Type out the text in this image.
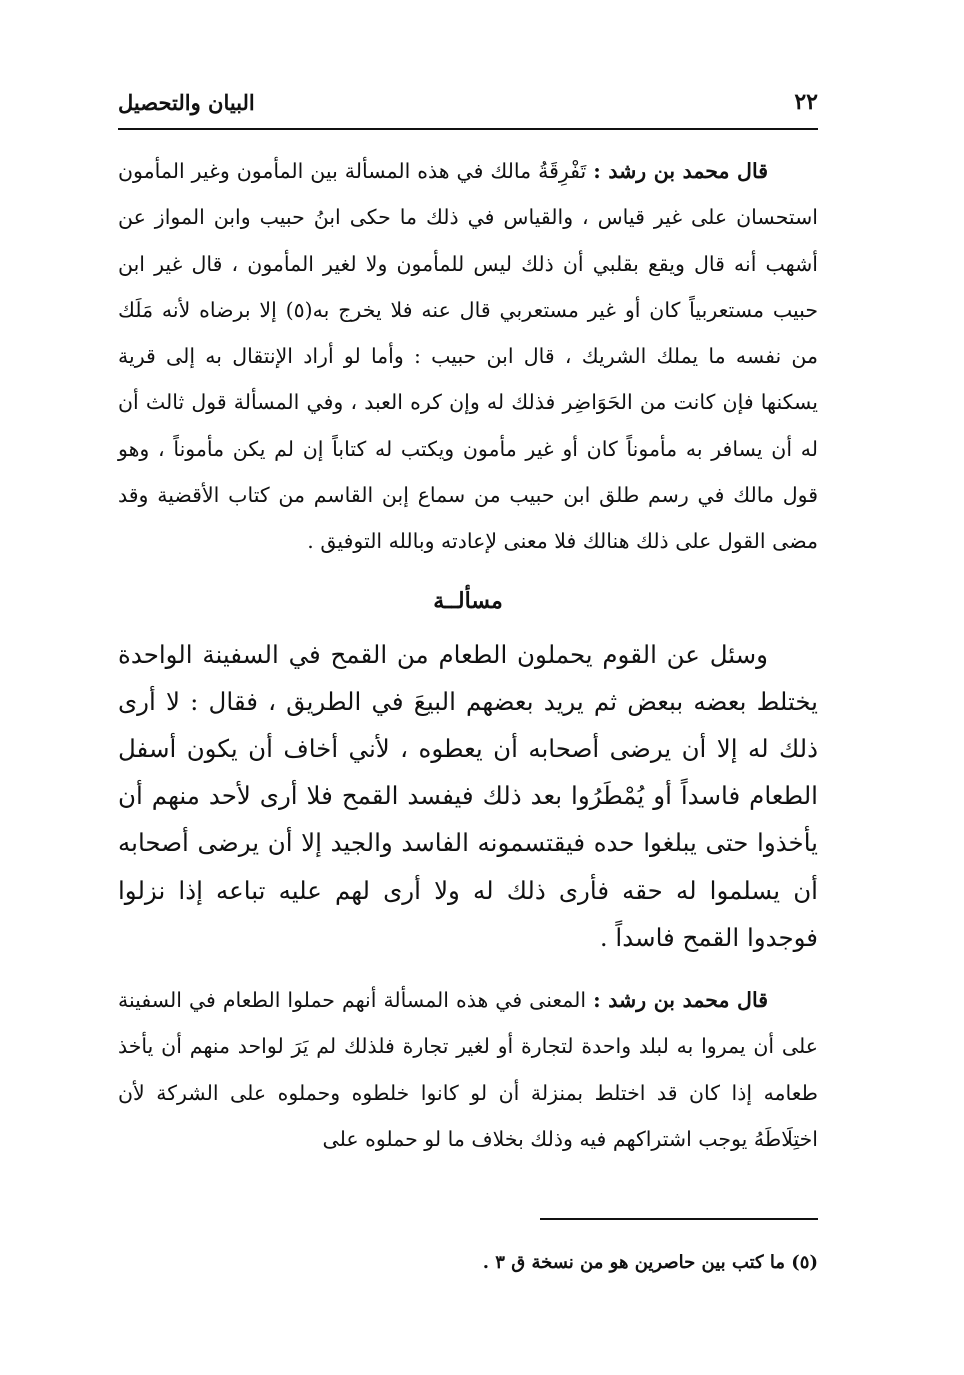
٢٢
البيان والتحصيل

قال محمد بن رشد : تَفْرِقَةُ مالك في هذه المسألة بين المأمون وغير المأمون استحسان على غير قياس ، والقياس في ذلك ما حكى ابنُ حبيب وابن المواز عن أشهب أنه قال ويقع بقلبي أن ذلك ليس للمأمون ولا لغير المأمون ، قال غير ابن حبيب مستعربياً كان أو غير مستعربي قال عنه فلا يخرج به(٥) إلا برضاه لأنه مَلَك من نفسه ما يملك الشريك ، قال ابن حبيب : وأما لو أراد الإنتقال به إلى قرية يسكنها فإن كانت من الحَوَاضِر فذلك له وإن كره العبد ، وفي المسألة قول ثالث أن له أن يسافر به مأموناً كان أو غير مأمون ويكتب له كتاباً إن لم يكن مأموناً ، وهو قول مالك في رسم طلق ابن حبيب من سماع إبن القاسم من كتاب الأقضية وقد مضى القول على ذلك هنالك فلا معنى لإعادته وبالله التوفيق .

مسألــة

وسئل عن القوم يحملون الطعام من القمح في السفينة الواحدة يختلط بعضه ببعض ثم يريد بعضهم البيعَ في الطريق ، فقال : لا أرى ذلك له إلا أن يرضى أصحابه أن يعطوه ، لأني أخاف أن يكون أسفل الطعام فاسداً أو يُمْطَرُوا بعد ذلك فيفسد القمح فلا أرى لأحد منهم أن يأخذوا حتى يبلغوا حده فيقتسمونه الفاسد والجيد إلا أن يرضى أصحابه أن يسلموا له حقه فأرى ذلك له ولا أرى لهم عليه تباعه إذا نزلوا فوجدوا القمح فاسداً .

قال محمد بن رشد : المعنى في هذه المسألة أنهم حملوا الطعام في السفينة على أن يمروا به لبلد واحدة لتجارة أو لغير تجارة فلذلك لم يَرَ لواحد منهم أن يأخذ طعامه إذا كان قد اختلط بمنزلة أن لو كانوا خلطوه وحملوه على الشركة لأن اختِلَاطَهُ يوجب اشتراكهم فيه وذلك بخلاف ما لو حملوه على

(٥) ما كتب بين حاصرين هو من نسخة ق ٣ .
